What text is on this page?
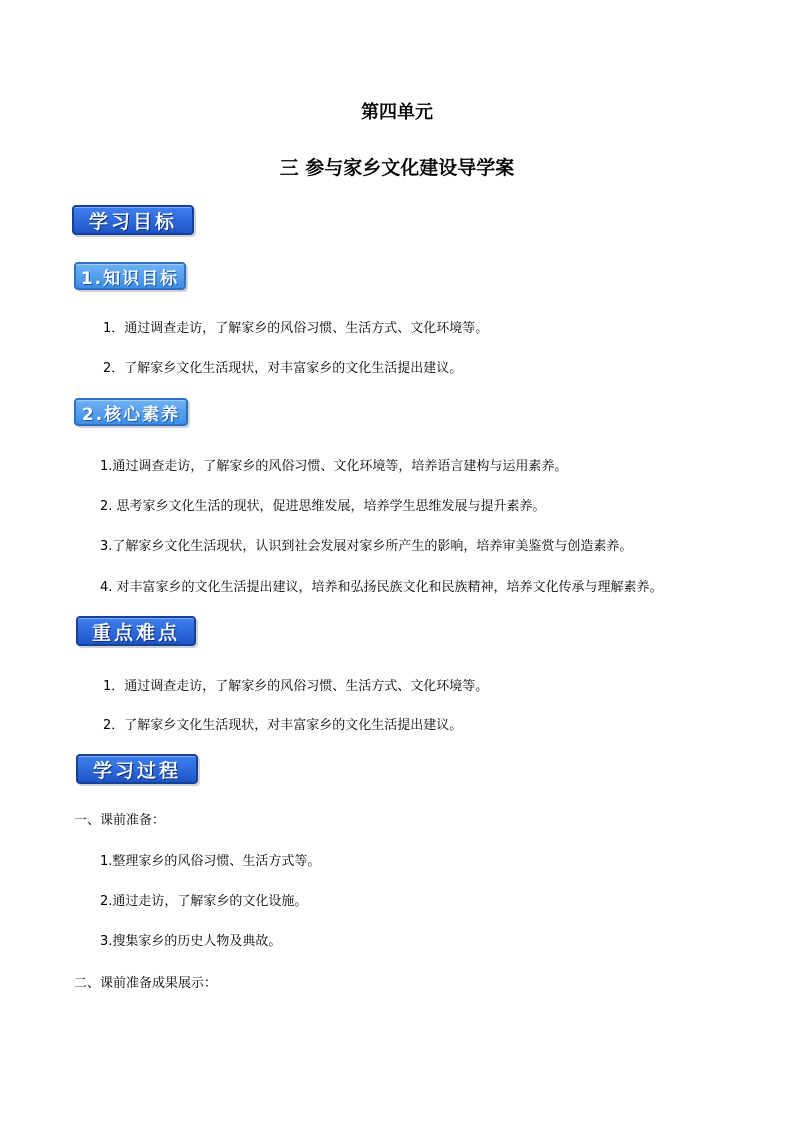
第四单元
三 参与家乡文化建设导学案
学习目标
1.知识目标
1．通过调查走访，了解家乡的风俗习惯、生活方式、文化环境等。
2．了解家乡文化生活现状，对丰富家乡的文化生活提出建议。
2.核心素养
1.通过调查走访，了解家乡的风俗习惯、文化环境等，培养语言建构与运用素养。
2. 思考家乡文化生活的现状，促进思维发展，培养学生思维发展与提升素养。
3.了解家乡文化生活现状，认识到社会发展对家乡所产生的影响，培养审美鉴赏与创造素养。
4. 对丰富家乡的文化生活提出建议，培养和弘扬民族文化和民族精神，培养文化传承与理解素养。
重点难点
1．通过调查走访，了解家乡的风俗习惯、生活方式、文化环境等。
2．了解家乡文化生活现状，对丰富家乡的文化生活提出建议。
学习过程
一、课前准备：
1.整理家乡的风俗习惯、生活方式等。
2.通过走访，了解家乡的文化设施。
3.搜集家乡的历史人物及典故。
二、课前准备成果展示：
